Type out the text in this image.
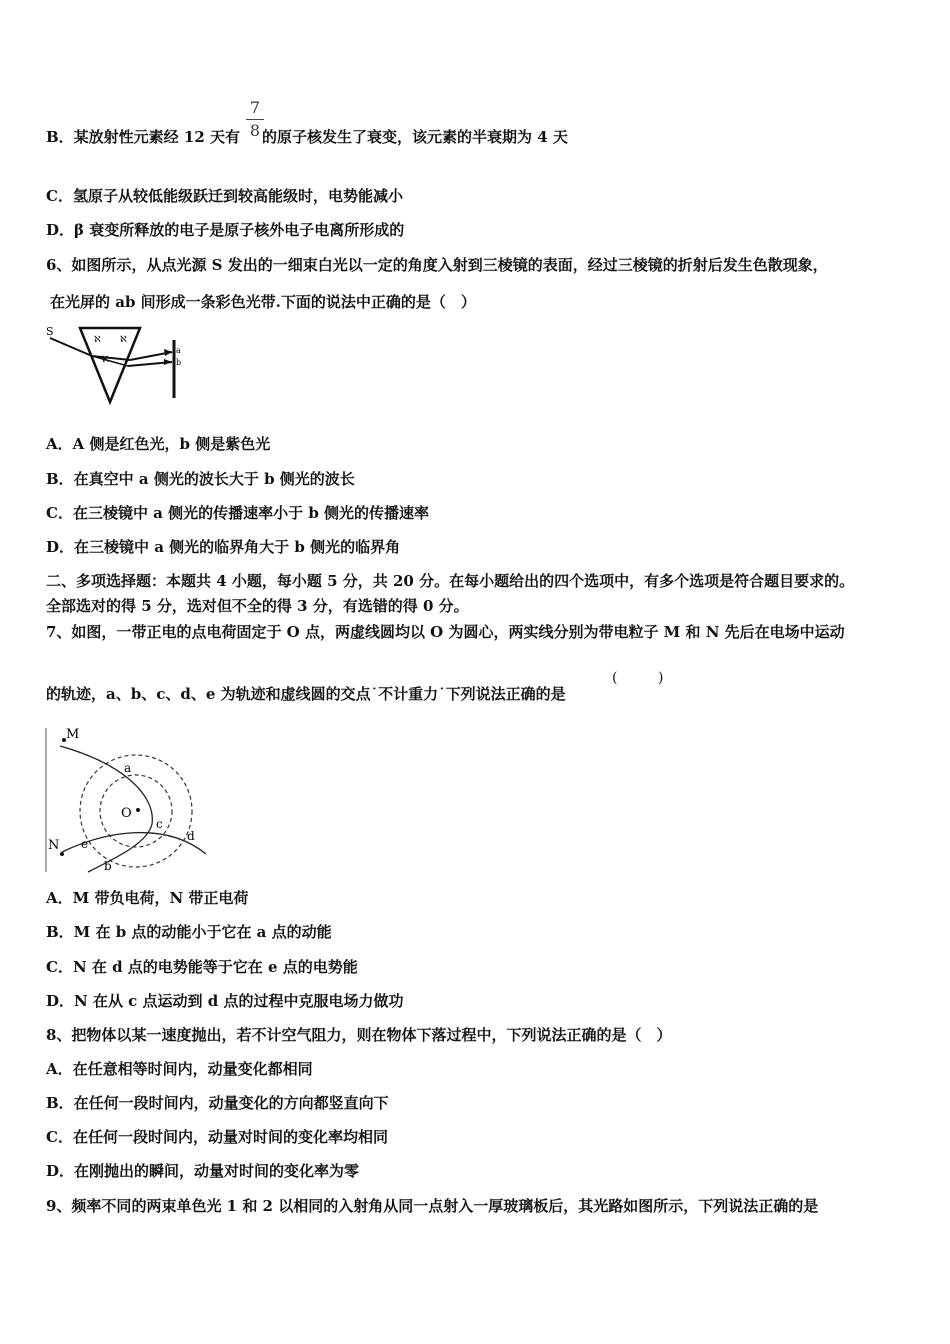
B．某放射性元素经 12 天有 的原子核发生了衰变，该元素的半衰期为 4 天
7
8
C．氢原子从较低能级跃迁到较高能级时，电势能减小
D．β 衰变所释放的电子是原子核外电子电离所形成的
6、如图所示，从点光源 S 发出的一细束白光以一定的角度入射到三棱镜的表面，经过三棱镜的折射后发生色散现象，
在光屏的 ab 间形成一条彩色光带.下面的说法中正确的是（　）
S
ℵ ℵ
ℵ
a
b
A．A 侧是红色光，b 侧是紫色光
B．在真空中 a 侧光的波长大于 b 侧光的波长
C．在三棱镜中 a 侧光的传播速率小于 b 侧光的传播速率
D．在三棱镜中 a 侧光的临界角大于 b 侧光的临界角
二、多项选择题：本题共 4 小题，每小题 5 分，共 20 分。在每小题给出的四个选项中，有多个选项是符合题目要求的。
全部选对的得 5 分，选对但不全的得 3 分，有选错的得 0 分。
7、如图，一带正电的点电荷固定于 O 点，两虚线圆均以 O 为圆心，两实线分别为带电粒子 M 和 N 先后在电场中运动
的轨迹，a、b、c、d、e 为轨迹和虚线圆的交点˙不计重力˙下列说法正确的是
(	)
M
N
O
a
b
c
d
e
A．M 带负电荷，N 带正电荷
B．M 在 b 点的动能小于它在 a 点的动能
C．N 在 d 点的电势能等于它在 e 点的电势能
D．N 在从 c 点运动到 d 点的过程中克服电场力做功
8、把物体以某一速度抛出，若不计空气阻力，则在物体下落过程中，下列说法正确的是（　）
A．在任意相等时间内，动量变化都相同
B．在任何一段时间内，动量变化的方向都竖直向下
C．在任何一段时间内，动量对时间的变化率均相同
D．在刚抛出的瞬间，动量对时间的变化率为零
9、频率不同的两束单色光 1 和 2 以相同的入射角从同一点射入一厚玻璃板后，其光路如图所示，下列说法正确的是
